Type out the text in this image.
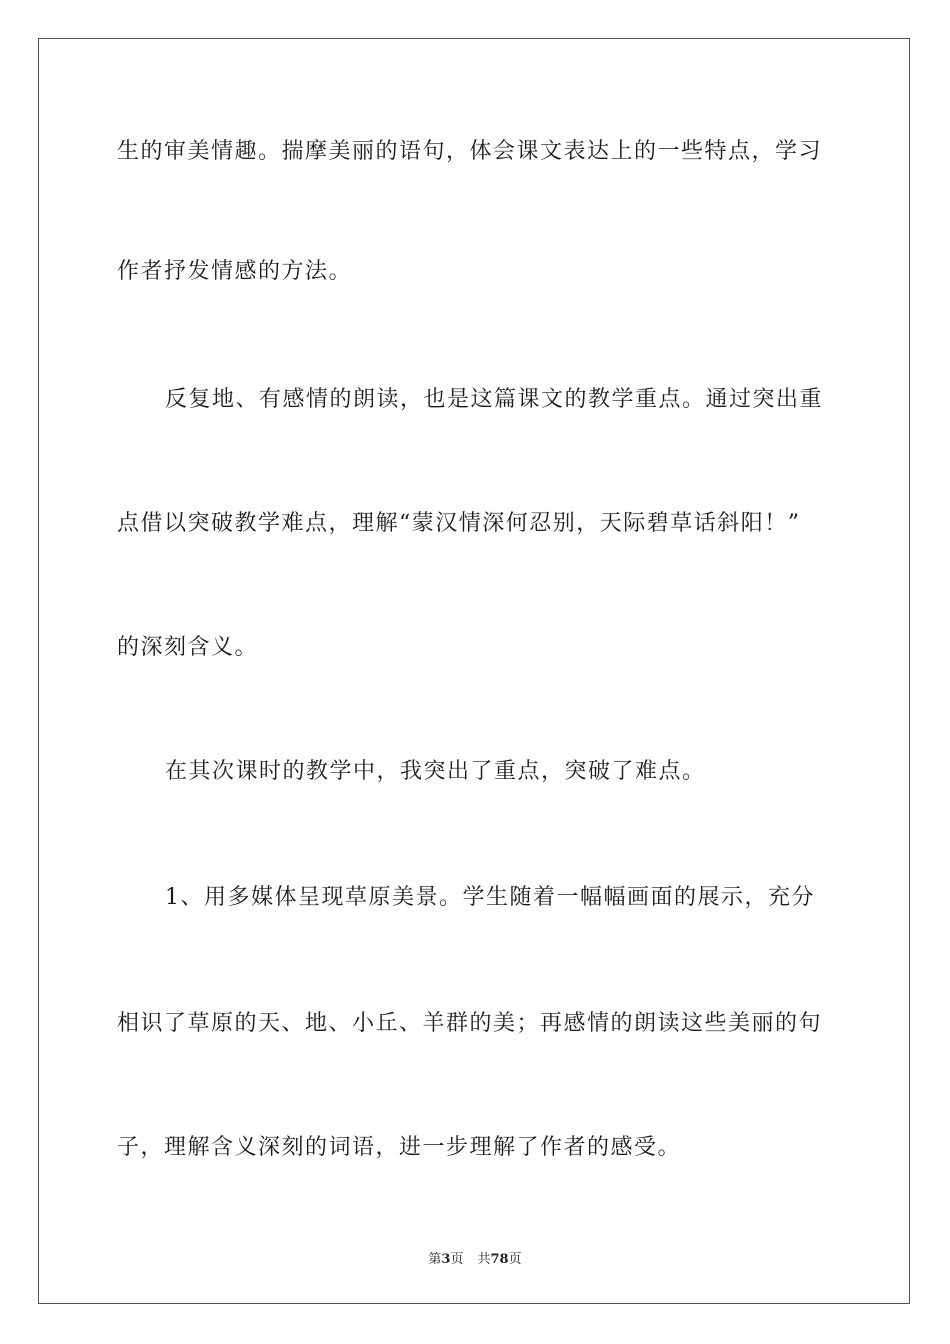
生的审美情趣。揣摩美丽的语句，体会课文表达上的一些特点，学习
作者抒发情感的方法。
反复地、有感情的朗读，也是这篇课文的教学重点。通过突出重
点借以突破教学难点，理解“蒙汉情深何忍别，天际碧草话斜阳！”
的深刻含义。
在其次课时的教学中，我突出了重点，突破了难点。
1、用多媒体呈现草原美景。学生随着一幅幅画面的展示，充分
相识了草原的天、地、小丘、羊群的美；再感情的朗读这些美丽的句
子，理解含义深刻的词语，进一步理解了作者的感受。
第3页 共78页
